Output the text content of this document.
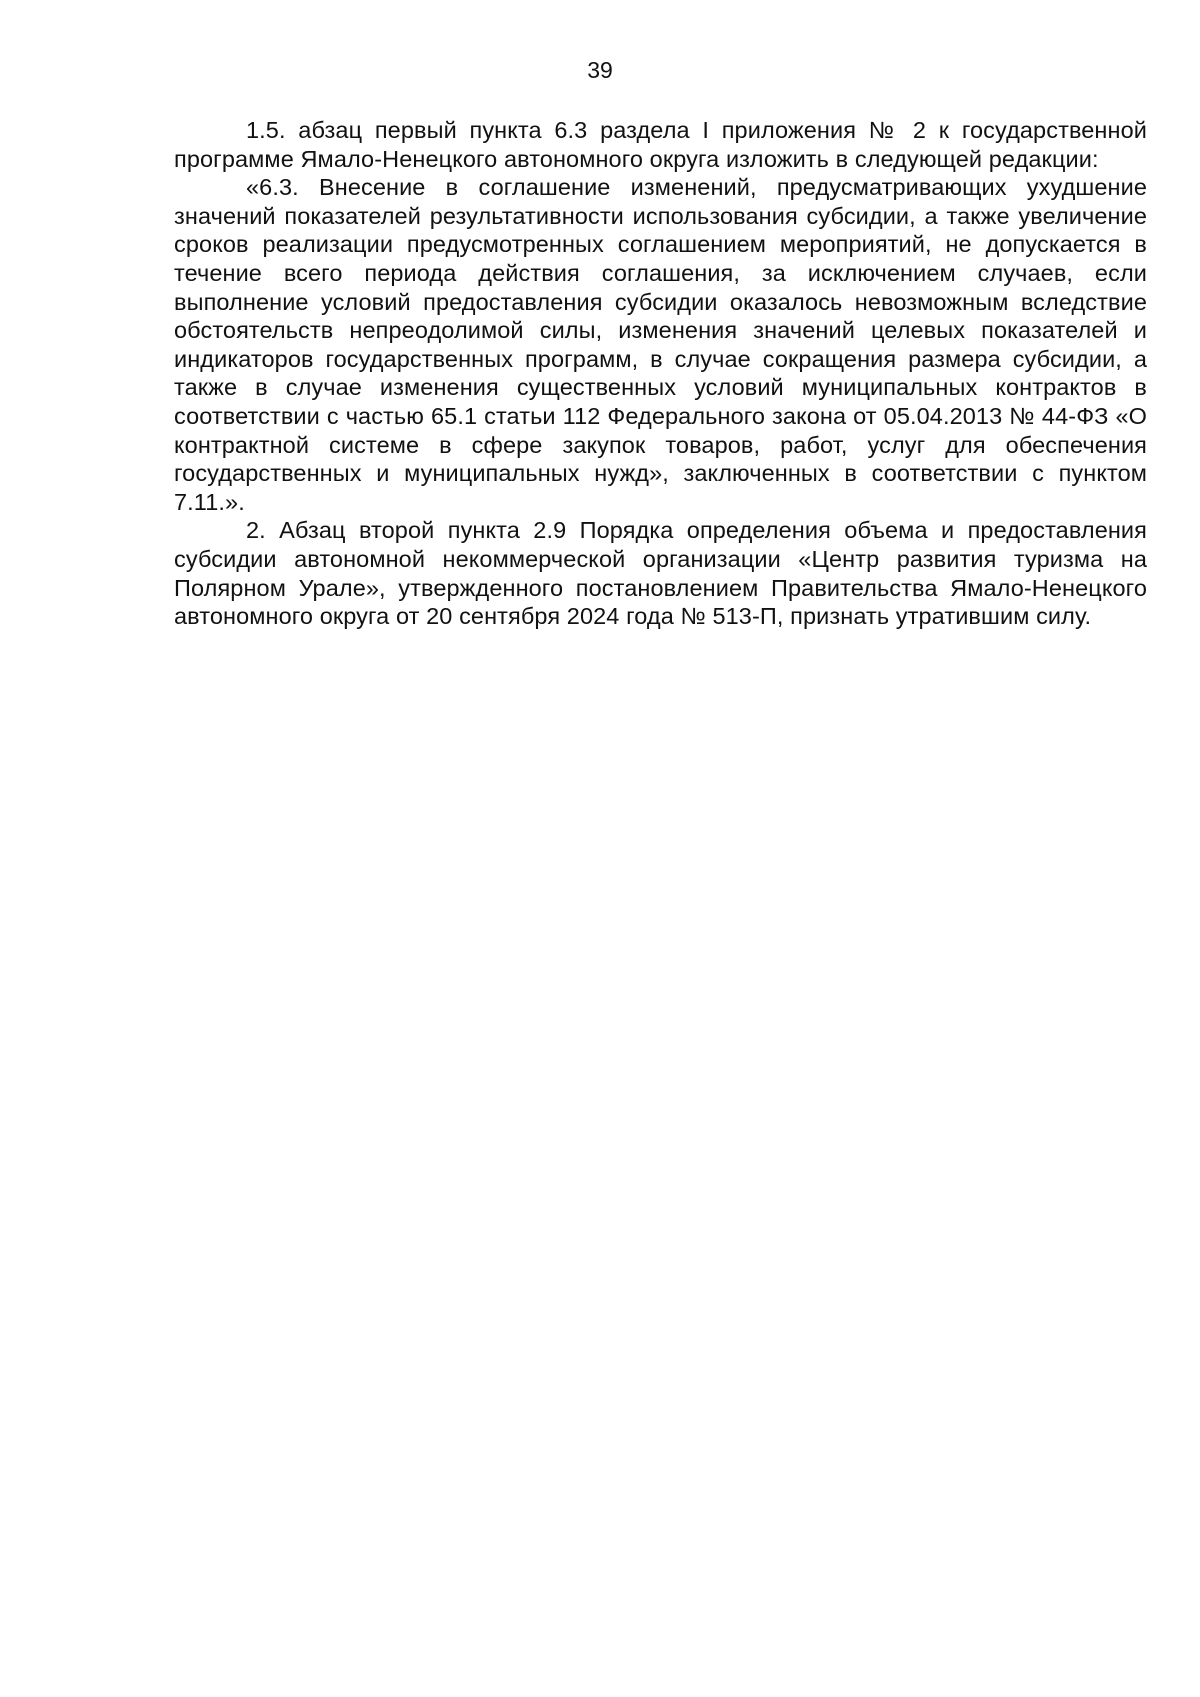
39

1.5. абзац первый пункта 6.3 раздела I приложения № 2 к государственной программе Ямало-Ненецкого автономного округа изложить в следующей редакции:

«6.3. Внесение в соглашение изменений, предусматривающих ухудшение значений показателей результативности использования субсидии, а также увеличение сроков реализации предусмотренных соглашением мероприятий, не допускается в течение всего периода действия соглашения, за исключением случаев, если выполнение условий предоставления субсидии оказалось невозможным вследствие обстоятельств непреодолимой силы, изменения значений целевых показателей и индикаторов государственных программ, в случае сокращения размера субсидии, а также в случае изменения существенных условий муниципальных контрактов в соответствии с частью 65.1 статьи 112 Федерального закона от 05.04.2013 № 44-ФЗ «О контрактной системе в сфере закупок товаров, работ, услуг для обеспечения государственных и муниципальных нужд», заключенных в соответствии с пунктом 7.11.».

2. Абзац второй пункта 2.9 Порядка определения объема и предоставления субсидии автономной некоммерческой организации «Центр развития туризма на Полярном Урале», утвержденного постановлением Правительства Ямало-Ненецкого автономного округа от 20 сентября 2024 года № 513-П, признать утратившим силу.
